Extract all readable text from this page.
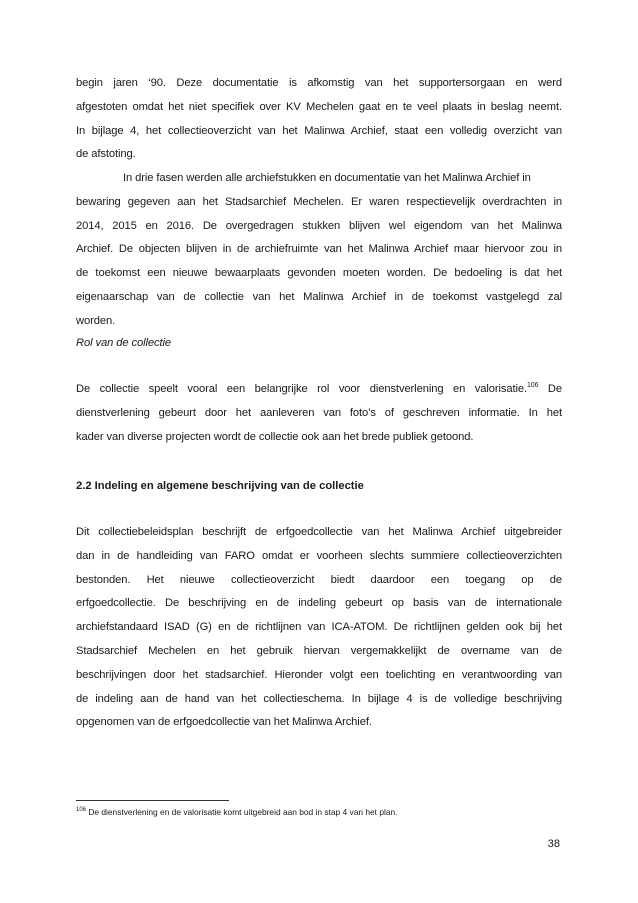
begin jaren ‘90. Deze documentatie is afkomstig van het supportersorgaan en werd
afgestoten omdat het niet specifiek over KV Mechelen gaat en te veel plaats in beslag neemt.
In bijlage 4, het collectieoverzicht van het Malinwa Archief, staat een volledig overzicht van
de afstoting.
In drie fasen werden alle archiefstukken en documentatie van het Malinwa Archief in
bewaring gegeven aan het Stadsarchief Mechelen. Er waren respectievelijk overdrachten in
2014, 2015 en 2016. De overgedragen stukken blijven wel eigendom van het Malinwa
Archief. De objecten blijven in de archiefruimte van het Malinwa Archief maar hiervoor zou in
de toekomst een nieuwe bewaarplaats gevonden moeten worden. De bedoeling is dat het
eigenaarschap van de collectie van het Malinwa Archief in de toekomst vastgelegd zal
worden.
Rol van de collectie
De collectie speelt vooral een belangrijke rol voor dienstverlening en valorisatie.$^{106}$ De
dienstverlening gebeurt door het aanleveren van foto’s of geschreven informatie. In het
kader van diverse projecten wordt de collectie ook aan het brede publiek getoond.
2.2 Indeling en algemene beschrijving van de collectie
Dit collectiebeleidsplan beschrijft de erfgoedcollectie van het Malinwa Archief uitgebreider
dan in de handleiding van FARO omdat er voorheen slechts summiere collectieoverzichten
bestonden. Het nieuwe collectieoverzicht biedt daardoor een toegang op de
erfgoedcollectie. De beschrijving en de indeling gebeurt op basis van de internationale
archiefstandaard ISAD (G) en de richtlijnen van ICA-ATOM. De richtlijnen gelden ook bij het
Stadsarchief Mechelen en het gebruik hiervan vergemakkelijkt de overname van de
beschrijvingen door het stadsarchief. Hieronder volgt een toelichting en verantwoording van
de indeling aan de hand van het collectieschema. In bijlage 4 is de volledige beschrijving
opgenomen van de erfgoedcollectie van het Malinwa Archief.
$^{106}$ De dienstverlening en de valorisatie komt uitgebreid aan bod in stap 4 van het plan.
38
